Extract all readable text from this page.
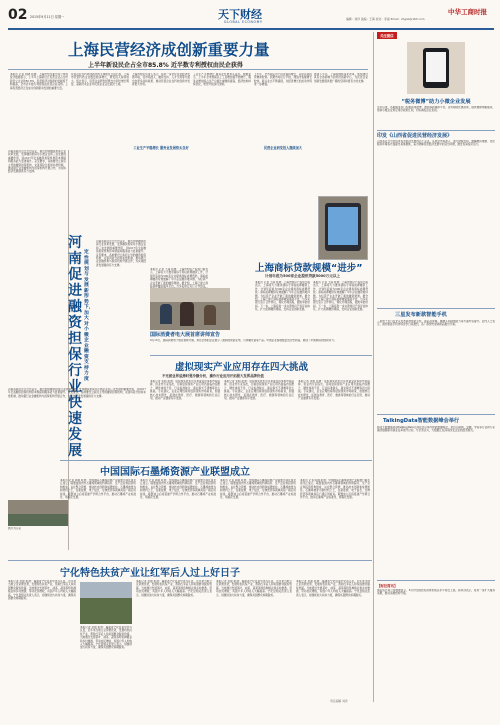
02 2015年9月11日 星期一	天下财经
GLOBAL ECONOMY
中华工商时报
编辑：刘洋 美编：王海 校对：李丽 Email：zhgsb@163.com
上海民营经济成创新重要力量
上半年新设民企占全市85.8% 近半数专利授权由民企获得
本报讯 记者 刘晓 报道：上海市发改委日前公布的统计数据显示，上半年上海新设立民营企业占全市新设立企业的85.8%，民营经济对创新的贡献度不断提高，全市近半数专利授权由民营企业获得。上海民营经济正在成为创新驱动发展的重要力量。
民营企业在科技创新中的主体地位日益凸显，上海市民营科技企业数量稳步增长，研发投入持续加大。统计显示，民营企业研发经费支出同比增长明显，高新技术企业中民营企业占比超过七成。
上海市相关负责人表示，将进一步优化民营经济发展环境，在市场准入、融资支持、人才引进等方面出台更多扶持政策，推动民营企业在科技创新中发挥更大作用。
工业生产平稳增长 服务业发展势头良好。数据显示，上半年全市规模以上工业增加值平稳增长，服务业增加值占生产总值比重继续提高，经济结构持续优化，转型升级步伐加快。
上半年，全市固定资产投资保持增长，其中民间投资增速较快。消费市场运行平稳，网络零售额增长较快，新兴业态不断涌现，对经济增长的拉动作用进一步增强。
展望下半年，上海将继续深化改革，加快建设具有全球影响力的科技创新中心，为民营企业创新发展提供更广阔的空间和更有力的支撑。
工业生产平稳增长 服务业发展势头良好	民营企业研发投入继续加大
河南省政府近日出台意见，提出加快融资担保行业改革发展，发挥融资担保对小微企业和三农发展的重要作用，到2017年全省融资担保机构资本规模和服务能力显著提升。意见要求，各地要设立政府主导的融资担保机构，完善风险分担和补偿机制，推动银行业金融机构与担保机构开展合作，为实体经济发展提供有力支撑。
河南促进融资担保行业快速发展
定性 规划与发展 新形势下，加大对小微企业融资支持力度
河南省政府近日出台意见，提出加快融资担保行业改革发展，发挥融资担保对小微企业和三农发展的重要作用，到2017年全省融资担保机构资本规模和服务能力显著提升。意见要求，各地要设立政府主导的融资担保机构，完善风险分担和补偿机制，推动银行业金融机构与担保机构开展合作，为实体经济发展提供有力支撑。
河南省政府近日出台意见，提出加快融资担保行业改革发展，发挥融资担保对小微企业和三农发展的重要作用，到2017年全省融资担保机构资本规模和服务能力显著提升。意见要求，各地要设立政府主导的融资担保机构，完善风险分担和补偿机制，推动银行业金融机构与担保机构开展合作，为实体经济发展提供有力支撑。
图片为示意
上海商标贷款规模“进步”
计划年底为500家企业提供贷款5000万元以上
本报讯 记者 王丽 报道：上海市知识产权局日前表示，上海将大力推进商标专用权质押融资工作，计划年底前为500家企业提供商标质押贷款。商标质押融资有效缓解了中小企业融资难问题，为轻资产企业开辟了新的融资渠道。据介绍，上海已建立商标质押融资服务平台，与多家银行签订合作协议，
本报讯 记者 王丽 报道：上海市知识产权局日前表示，上海将大力推进商标专用权质押融资工作，计划年底前为500家企业提供商标质押贷款。商标质押融资有效缓解了中小企业融资难问题，为轻资产企业开辟了新的融资渠道。据介绍，上海已建立商标质押融资服务平台，与多家银行签订合作协议，简化办理流程，缩短审批时间。下一步，上海将进一步完善知识产权评估体系，扩大质押融资规模，支持企业创新发展。
本报讯 记者 王丽 报道：上海市知识产权局日前表示，上海将大力推进商标专用权质押融资工作，计划年底前为500家企业提供商标质押贷款。商标质押融资有效缓解了中小企业融资难问题，为轻资产企业开辟了新的融资渠道。据介绍，上海已建立商标质押融资服务平台，与多家银行签订合作协议，简化办理流程，缩短审批时间。下一步，上海将进一步完善知识产权评估体系，扩大质押融资规模，支持企业创新发展。
国际消费者电大展首席讲师宣告
9月10日，国际消费电子展在柏林开幕，来自全球的企业展示了最新的智能家电、可穿戴设备等产品。中国企业参展数量创历史新高，展现了中国制造的创新实力。
虚拟现实产业应用存在四大挑战
不光被业界追捧时要冷静分析，操作行业应用开拓极大发挥品牌价值
本报记者 张明 报道：虚拟现实技术近年来备受资本和市场追捧，但业内专家指出，目前虚拟现实产业应用仍面临内容匮乏、硬件体验不佳、行业标准缺失、商业模式不清晰等四大挑战。专家建议，企业应理性看待虚拟现实市场前景，加强核心技术研发，拓展在教育、医疗、旅游等领域的行业应用，推动产业健康有序发展。
本报记者 张明 报道：虚拟现实技术近年来备受资本和市场追捧，但业内专家指出，目前虚拟现实产业应用仍面临内容匮乏、硬件体验不佳、行业标准缺失、商业模式不清晰等四大挑战。专家建议，企业应理性看待虚拟现实市场前景，加强核心技术研发，拓展在教育、医疗、旅游等领域的行业应用，推动产业健康有序发展。
本报记者 张明 报道：虚拟现实技术近年来备受资本和市场追捧，但业内专家指出，目前虚拟现实产业应用仍面临内容匮乏、硬件体验不佳、行业标准缺失、商业模式不清晰等四大挑战。专家建议，企业应理性看待虚拟现实市场前景，加强核心技术研发，拓展在教育、医疗、旅游等领域的行业应用，推动产业健康有序发展。
中国国际石墨烯资源产业联盟成立
本报讯 记者 陈刚 报道：中国国际石墨烯资源产业联盟日前在黑龙江成立。联盟由国内外石墨烯领域的科研院所、生产企业和投资机构组成，旨在整合资源、推动技术创新和成果转化。石墨烯被誉为新材料之王，在新能源、电子信息、生物医药等领域具有广阔应用前景。联盟成立后将搭建产学研合作平台，推动石墨烯产业标准化、规模化发展。
本报讯 记者 陈刚 报道：中国国际石墨烯资源产业联盟日前在黑龙江成立。联盟由国内外石墨烯领域的科研院所、生产企业和投资机构组成，旨在整合资源、推动技术创新和成果转化。石墨烯被誉为新材料之王，在新能源、电子信息、生物医药等领域具有广阔应用前景。联盟成立后将搭建产学研合作平台，推动石墨烯产业标准化、规模化发展。
本报讯 记者 陈刚 报道：中国国际石墨烯资源产业联盟日前在黑龙江成立。联盟由国内外石墨烯领域的科研院所、生产企业和投资机构组成，旨在整合资源、推动技术创新和成果转化。石墨烯被誉为新材料之王，在新能源、电子信息、生物医药等领域具有广阔应用前景。联盟成立后将搭建产学研合作平台，推动石墨烯产业标准化、规模化发展。
本报讯 记者 陈刚 报道：中国国际石墨烯资源产业联盟日前在黑龙江成立。联盟由国内外石墨烯领域的科研院所、生产企业和投资机构组成，旨在整合资源、推动技术创新和成果转化。石墨烯被誉为新材料之王，在新能源、电子信息、生物医药等领域具有广阔应用前景。联盟成立后将搭建产学研合作平台，推动石墨烯产业标准化、规模化发展。
宁化特色扶贫产业让红军后人过上好日子
本报记者 吴强 报道：福建省宁化县是中央苏区县，近年来当地立足资源优势，发展特色扶贫产业，帮助红军后人和贫困群众脱贫致富。当地通过发展茶叶、油茶、蔬菜等特色种植业和乡村旅游，带动农民增收，贫困户年人均收入大幅提高。宁化县相关负责人表示，将继续加大扶持力度，确保贫困群众如期脱贫。
本报记者 吴强 报道：福建省宁化县是中央苏区县，近年来当地立足资源优势，发展特色扶贫产业，帮助红军后人和贫困群众脱贫致富。当地通过发展茶叶、油茶、蔬菜等特色种植业和乡村旅游，带动农民增收，贫困户年人均收入大幅提高。宁化县相关负责人表示，将继续加大扶持力度，确保贫困群众如期脱贫。
本报记者 吴强 报道：福建省宁化县是中央苏区县，近年来当地立足资源优势，发展特色扶贫产业，帮助红军后人和贫困群众脱贫致富。当地通过发展茶叶、油茶、蔬菜等特色种植业和乡村旅游，带动农民增收，贫困户年人均收入大幅提高。宁化县相关负责人表示，将继续加大扶持力度，确保贫困群众如期脱贫。
本报记者 吴强 报道：福建省宁化县是中央苏区县，近年来当地立足资源优势，发展特色扶贫产业，帮助红军后人和贫困群众脱贫致富。当地通过发展茶叶、油茶、蔬菜等特色种植业和乡村旅游，带动农民增收，贫困户年人均收入大幅提高。宁化县相关负责人表示，将继续加大扶持力度，确保贫困群众如期脱贫。
本报记者 吴强 报道：福建省宁化县是中央苏区县，近年来当地立足资源优势，发展特色扶贫产业，帮助红军后人和贫困群众脱贫致富。当地通过发展茶叶、油茶、蔬菜等特色种植业和乡村旅游，带动农民增收，贫困户年人均收入大幅提高。宁化县相关负责人表示，将继续加大扶持力度，确保贫困群众如期脱贫。
关注微信
“税务微博”助力小微企业发展
今年以来，各地税务部门积极利用微博、微信等新媒体平台，宣传税收优惠政策，提供便捷纳税服务，帮助小微企业用足用好政策红利，切实减轻企业负担。
印发《山西省促进民营经济发展》
山西省近日出台促进民营经济发展的若干意见，从放宽市场准入、加大财税支持、缓解融资难题、优化服务环境等方面提出具体措施，着力破解民营经济发展中的突出问题，激发民间投资活力。
三星发布新款智能手机
三星电子近日在北京发布新款智能手机，新品在屏幕、摄像头和续航能力等方面均有提升。业内人士表示，国内智能手机市场竞争日趋激烈，各厂商纷纷加快新品推出节奏。
TalkingData智能数据峰会举行
移动大数据服务商TalkingData日前在北京举办智能数据峰会，来自互联网、金融、零售等行业的专家围绕数据驱动商业变革展开讨论。与会者认为，大数据正在深刻改变企业的经营模式。
【财经简讯】
国家统计局公布数据显示，8月份全国居民消费价格总水平同比上涨。商务部表示，将进一步扩大服务消费，推动消费结构升级。
责任编辑 刘洋
